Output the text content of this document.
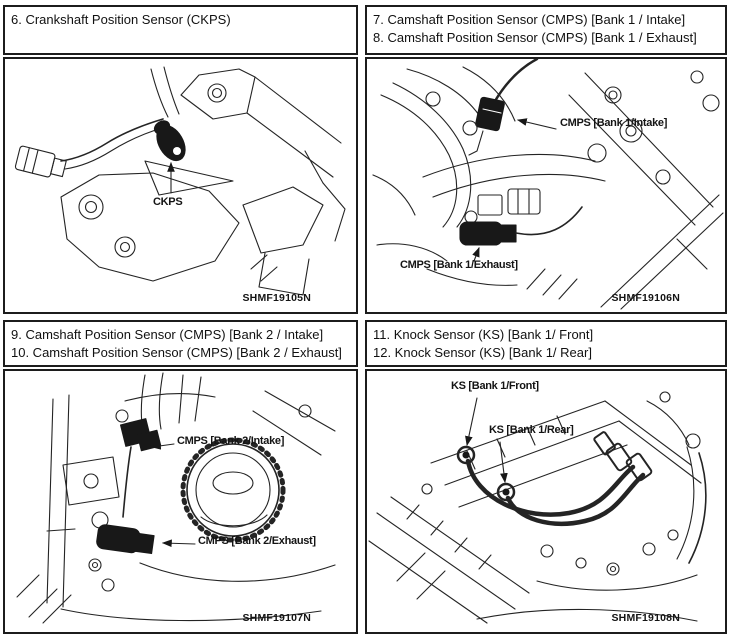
6. Crankshaft Position Sensor (CKPS)
CKPS
SHMF19105N
7. Camshaft Position Sensor (CMPS) [Bank 1 / Intake]
8. Camshaft Position Sensor (CMPS) [Bank 1 / Exhaust]
CMPS [Bank 1/Intake]
CMPS [Bank 1/Exhaust]
SHMF19106N
9. Camshaft Position Sensor (CMPS) [Bank 2 / Intake]
10. Camshaft Position Sensor (CMPS) [Bank 2 / Exhaust]
CMPS [Bank 2/Intake]
CMPS [Bank 2/Exhaust]
SHMF19107N
11. Knock Sensor (KS) [Bank 1/ Front]
12. Knock Sensor (KS) [Bank 1/ Rear]
KS [Bank 1/Front]
KS [Bank 1/Rear]
SHMF19108N
